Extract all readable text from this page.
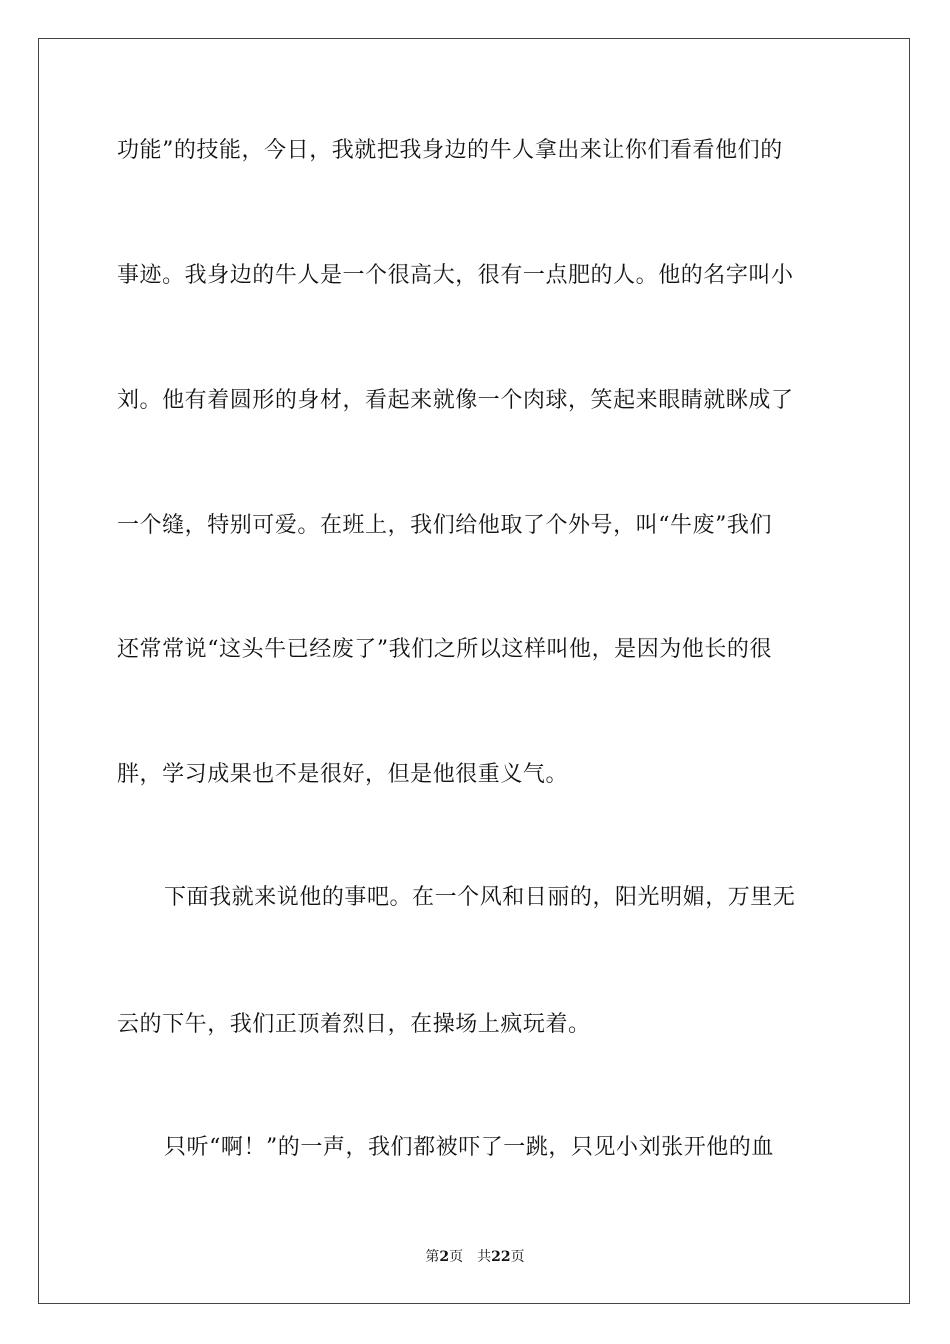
功能”的技能，今日，我就把我身边的牛人拿出来让你们看看他们的
事迹。我身边的牛人是一个很高大，很有一点肥的人。他的名字叫小
刘。他有着圆形的身材，看起来就像一个肉球，笑起来眼睛就眯成了
一个缝，特别可爱。在班上，我们给他取了个外号，叫“牛废”我们
还常常说“这头牛已经废了”我们之所以这样叫他，是因为他长的很
胖，学习成果也不是很好，但是他很重义气。
下面我就来说他的事吧。在一个风和日丽的，阳光明媚，万里无
云的下午，我们正顶着烈日，在操场上疯玩着。
只听“啊！”的一声，我们都被吓了一跳，只见小刘张开他的血
第2页 共22页
